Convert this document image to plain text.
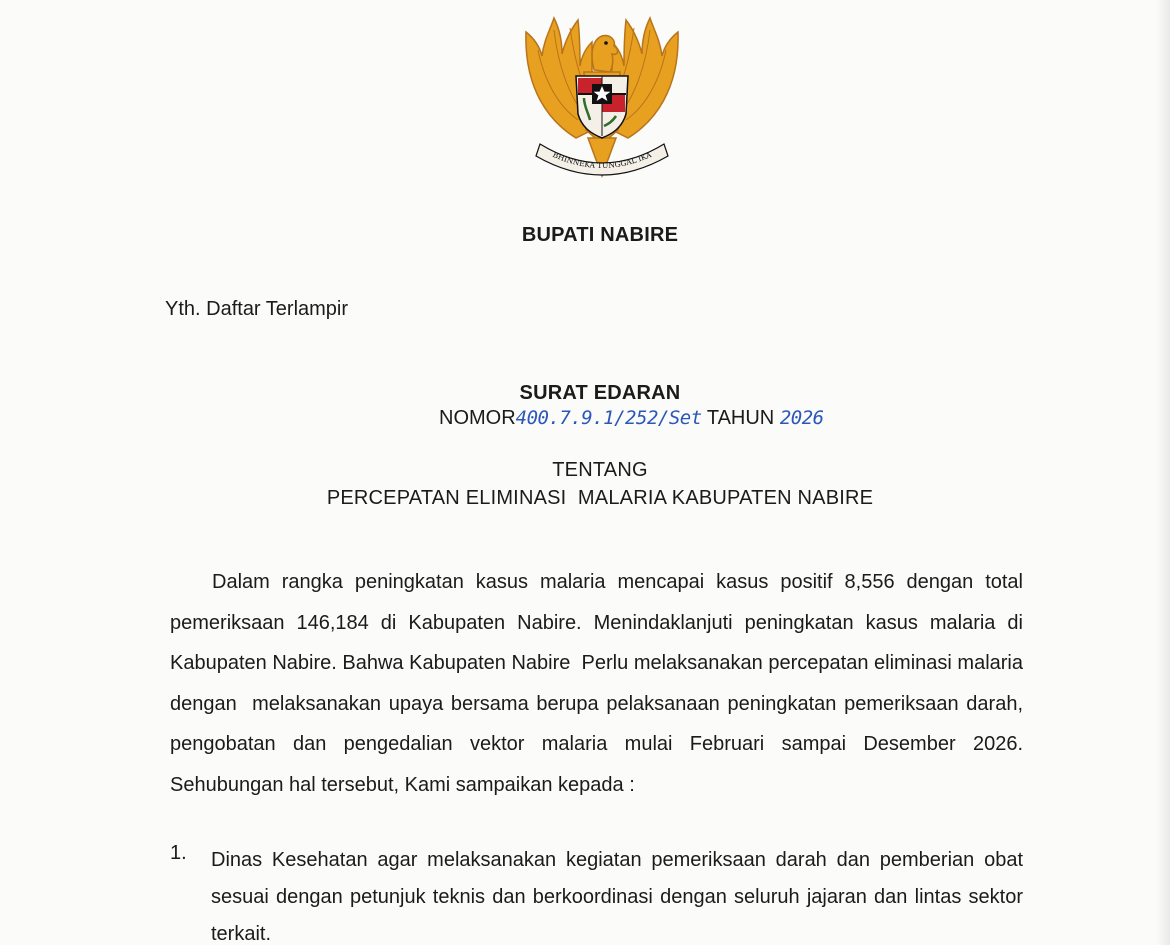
BHINNEKA TUNGGAL IKA
BUPATI NABIRE
Yth. Daftar Terlampir
SURAT EDARAN
NOMOR400.7.9.1/252/Set TAHUN 2026
TENTANG
PERCEPATAN ELIMINASI  MALARIA KABUPATEN NABIRE
Dalam rangka peningkatan kasus malaria mencapai kasus positif 8,556 dengan total pemeriksaan 146,184 di Kabupaten Nabire. Menindaklanjuti peningkatan kasus malaria di Kabupaten Nabire. Bahwa Kabupaten Nabire  Perlu melaksanakan percepatan eliminasi malaria dengan  melaksanakan upaya bersama berupa pelaksanaan peningkatan pemeriksaan darah, pengobatan dan pengedalian vektor malaria mulai Februari sampai Desember 2026. Sehubungan hal tersebut, Kami sampaikan kepada :
1. Dinas Kesehatan agar melaksanakan kegiatan pemeriksaan darah dan pemberian obat sesuai dengan petunjuk teknis dan berkoordinasi dengan seluruh jajaran dan lintas sektor terkait.
